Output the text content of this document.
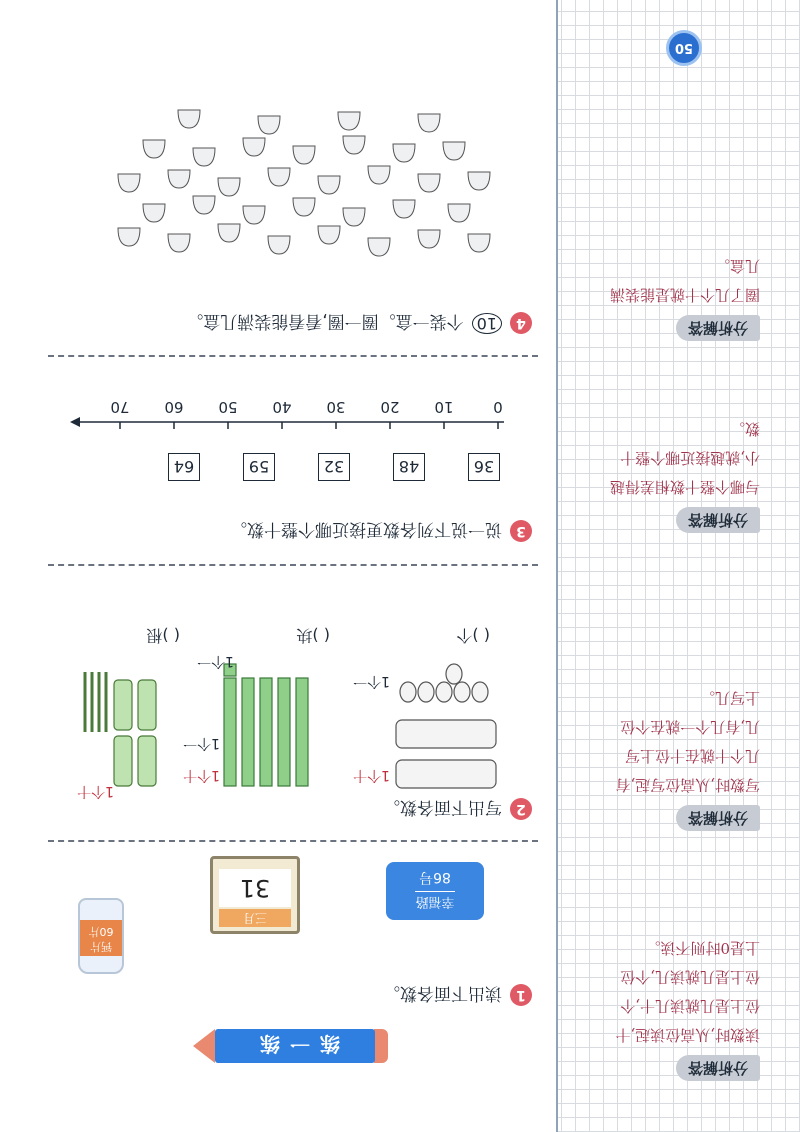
分析解答

读数时,从高位读起,十位上是几就读几十,个位上是几就读几,个位上是0时则不读。

分析解答

写数时,从高位写起,有几个十就在十位上写几,有几个一就在个位上写几。

分析解答

与哪个整十数相差得越小,就越接近哪个整十数。

分析解答

圈了几个十就是能装满几盒。

50
练一练
1
读出下面各数。
幸福路
86号
三月
31
钙片
60片
2
写出下面各数。
1个十
1个一
1个十
1个一
1个十
1个一
( )个
( )块
( )根
3
说一说下列各数更接近哪个整十数。
36
48
32
59
64
0
10
20
30
40
50
60
70
4
10
个装一盒。圈一圈,看看能装满几盒。
